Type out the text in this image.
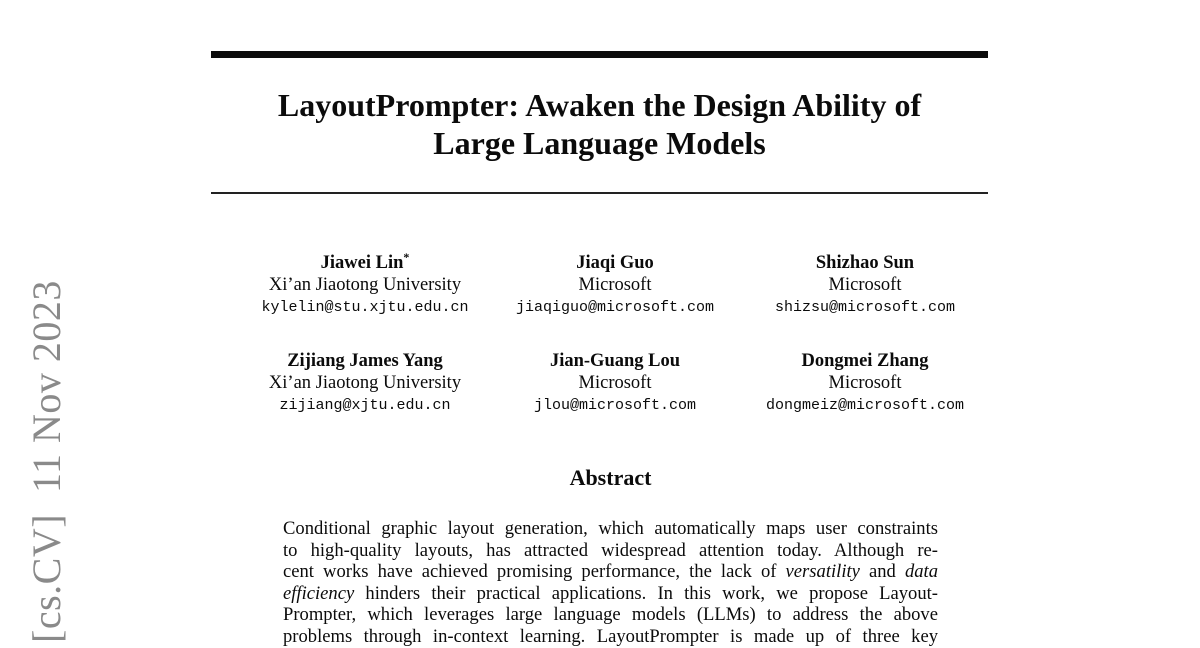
[cs.CV]  11 Nov 2023
LayoutPrompter: Awaken the Design Ability of
Large Language Models
Jiawei Lin*
Xi’an Jiaotong University
kylelin@stu.xjtu.edu.cn
Jiaqi Guo
Microsoft
jiaqiguo@microsoft.com
Shizhao Sun
Microsoft
shizsu@microsoft.com
Zijiang James Yang
Xi’an Jiaotong University
zijiang@xjtu.edu.cn
Jian-Guang Lou
Microsoft
jlou@microsoft.com
Dongmei Zhang
Microsoft
dongmeiz@microsoft.com
Abstract
Conditional graphic layout generation, which automatically maps user constraints
to high-quality layouts, has attracted widespread attention today. Although re-
cent works have achieved promising performance, the lack of versatility and data
efficiency hinders their practical applications. In this work, we propose Layout-
Prompter, which leverages large language models (LLMs) to address the above
problems through in-context learning. LayoutPrompter is made up of three key
